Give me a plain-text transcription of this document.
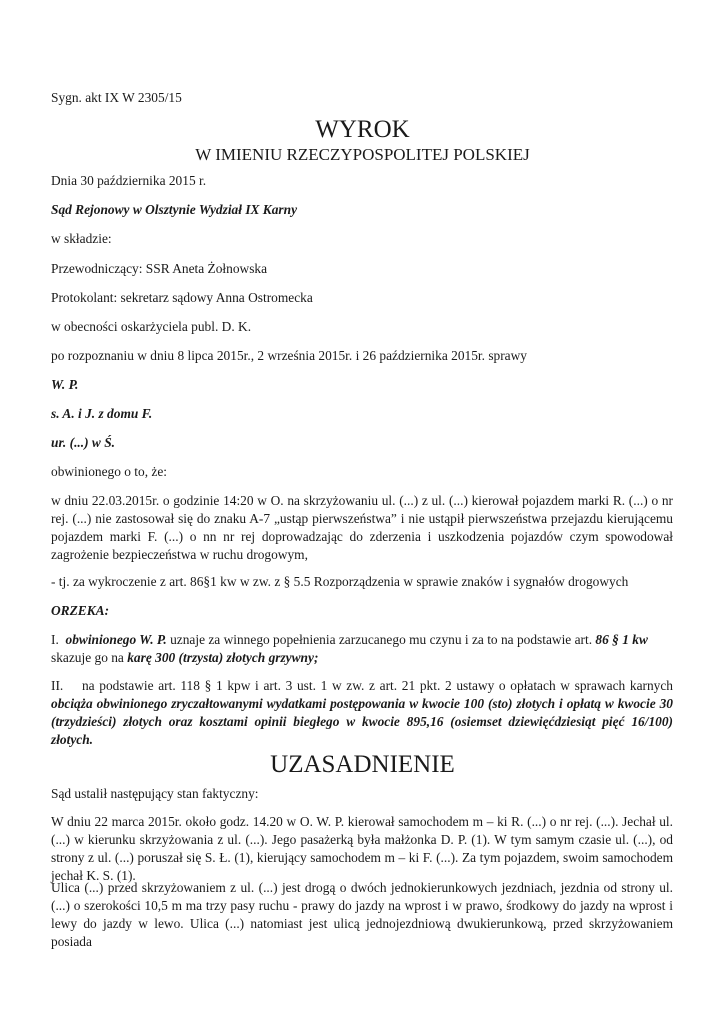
Sygn. akt IX W 2305/15

WYROK
W IMIENIU RZECZYPOSPOLITEJ POLSKIEJ

Dnia 30 października 2015 r.

Sąd Rejonowy w Olsztynie Wydział IX Karny

w składzie:

Przewodniczący: SSR Aneta Żołnowska

Protokolant: sekretarz sądowy Anna Ostromecka

w obecności oskarżyciela publ. D. K.

po rozpoznaniu w dniu 8 lipca 2015r., 2 września 2015r. i 26 października 2015r. sprawy

W. P.

s. A. i J. z domu F.

ur. (...) w Ś.

obwinionego o to, że:

w dniu 22.03.2015r. o godzinie 14:20 w O. na skrzyżowaniu ul. (...) z ul. (...) kierował pojazdem marki R. (...) o nr rej. (...) nie zastosował się do znaku A-7 „ustąp pierwszeństwa” i nie ustąpił pierwszeństwa przejazdu kierującemu pojazdem marki F. (...) o nn nr rej doprowadzając do zderzenia i uszkodzenia pojazdów czym spowodował zagrożenie bezpieczeństwa w ruchu drogowym,

- tj. za wykroczenie z art. 86§1 kw w zw. z § 5.5 Rozporządzenia w sprawie znaków i sygnałów drogowych

ORZEKA:

I. obwinionego W. P. uznaje za winnego popełnienia zarzucanego mu czynu i za to na podstawie art. 86 § 1 kw skazuje go na karę 300 (trzysta) złotych grzywny;

II. na podstawie art. 118 § 1 kpw i art. 3 ust. 1 w zw. z art. 21 pkt. 2 ustawy o opłatach w sprawach karnych obciąża obwinionego zryczałtowanymi wydatkami postępowania w kwocie 100 (sto) złotych i opłatą w kwocie 30 (trzydzieści) złotych oraz kosztami opinii biegłego w kwocie 895,16 (osiemset dziewięćdziesiąt pięć 16/100) złotych.

UZASADNIENIE

Sąd ustalił następujący stan faktyczny:

W dniu 22 marca 2015r. około godz. 14.20 w O. W. P. kierował samochodem m – ki R. (...) o nr rej. (...). Jechał ul. (...) w kierunku skrzyżowania z ul. (...). Jego pasażerką była małżonka D. P. (1). W tym samym czasie ul. (...), od strony z ul. (...) poruszał się S. Ł. (1), kierujący samochodem m – ki F. (...). Za tym pojazdem, swoim samochodem jechał K. S. (1).

Ulica (...) przed skrzyżowaniem z ul. (...) jest drogą o dwóch jednokierunkowych jezdniach, jezdnia od strony ul. (...) o szerokości 10,5 m ma trzy pasy ruchu - prawy do jazdy na wprost i w prawo, środkowy do jazdy na wprost i lewy do jazdy w lewo. Ulica (...) natomiast jest ulicą jednojezdniową dwukierunkową, przed skrzyżowaniem posiada
